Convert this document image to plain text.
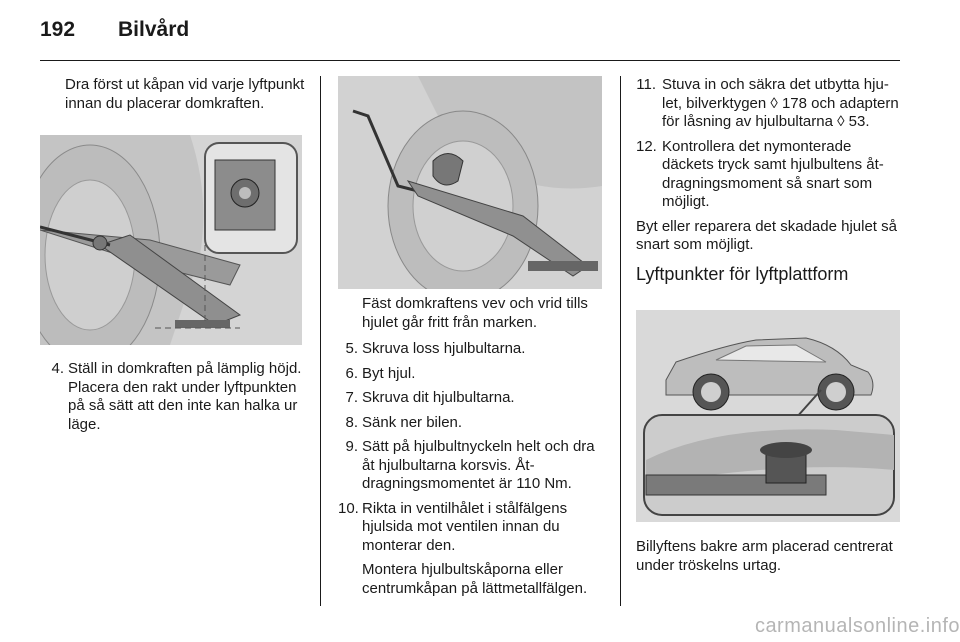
192 Bilvård
Dra först ut kåpan vid varje lyftpunkt innan du placerar domkraften.
4. Ställ in domkraften på lämplig höjd. Placera den rakt under lyftpunkten på så sätt att den inte kan halka ur läge.
Fäst domkraftens vev och vrid tills hjulet går fritt från marken.
5. Skruva loss hjulbultarna.
6. Byt hjul.
7. Skruva dit hjulbultarna.
8. Sänk ner bilen.
9. Sätt på hjulbultnyckeln helt och dra åt hjulbultarna korsvis. Åtdragningsmomentet är 110 Nm.
10. Rikta in ventilhålet i stålfälgens hjulsida mot ventilen innan du monterar den.
Montera hjulbultskåporna eller centrumkåpan på lättmetallfälgen.
11. Stuva in och säkra det utbytta hjulet, bilverktygen ◊ 178 och adaptern för låsning av hjulbultarna ◊ 53.
12. Kontrollera det nymonterade däckets tryck samt hjulbultens åtdragningsmoment så snart som möjligt.
Byt eller reparera det skadade hjulet så snart som möjligt.
Lyftpunkter för lyftplattform
Billyftens bakre arm placerad centrerat under tröskelns urtag.
carmanualsonline.info
